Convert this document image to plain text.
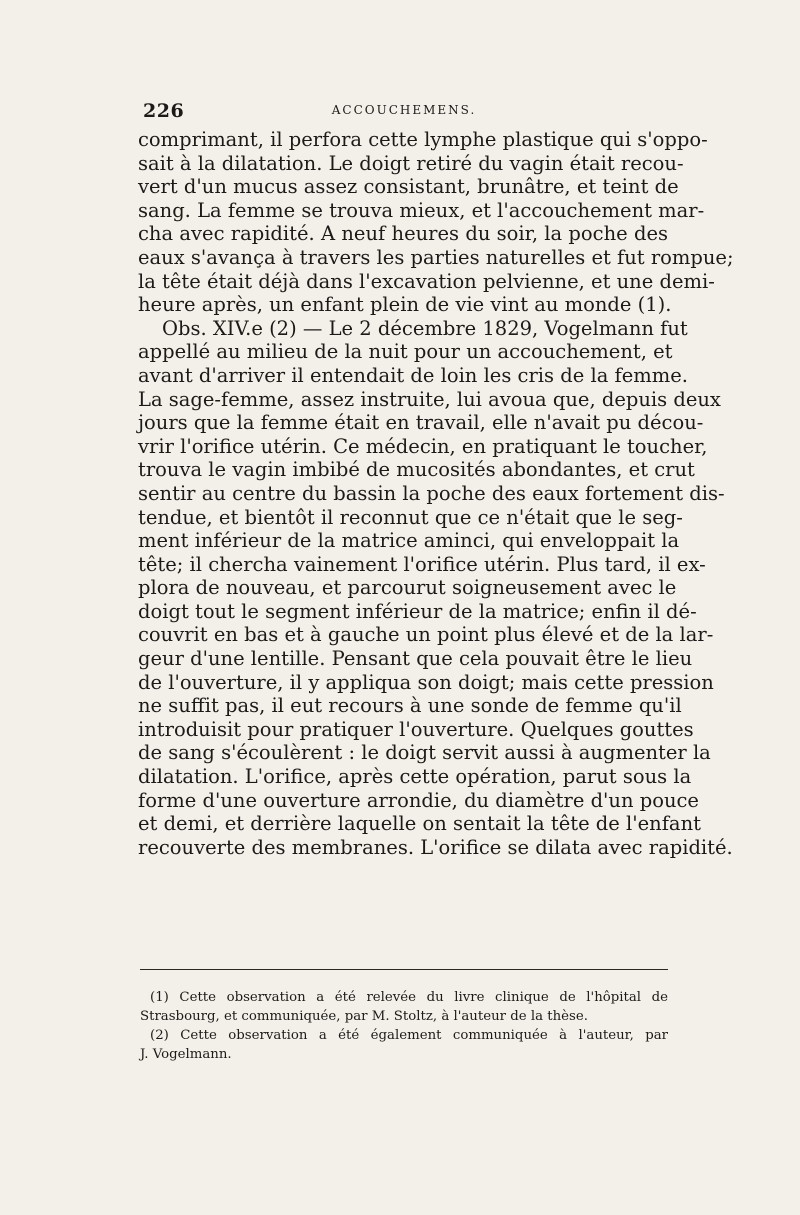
226	ACCOUCHEMENS.
comprimant, il perfora cette lymphe plastique qui s'oppo-
sait à la dilatation. Le doigt retiré du vagin était recou-
vert d'un mucus assez consistant, brunâtre, et teint de
sang. La femme se trouva mieux, et l'accouchement mar-
cha avec rapidité. A neuf heures du soir, la poche des
eaux s'avança à travers les parties naturelles et fut rompue;
la tête était déjà dans l'excavation pelvienne, et une demi-
heure après, un enfant plein de vie vint au monde (1).
Obs. XIV.e (2) — Le 2 décembre 1829, Vogelmann fut
appellé au milieu de la nuit pour un accouchement, et
avant d'arriver il entendait de loin les cris de la femme.
La sage-femme, assez instruite, lui avoua que, depuis deux
jours que la femme était en travail, elle n'avait pu décou-
vrir l'orifice utérin. Ce médecin, en pratiquant le toucher,
trouva le vagin imbibé de mucosités abondantes, et crut
sentir au centre du bassin la poche des eaux fortement dis-
tendue, et bientôt il reconnut que ce n'était que le seg-
ment inférieur de la matrice aminci, qui enveloppait la
tête; il chercha vainement l'orifice utérin. Plus tard, il ex-
plora de nouveau, et parcourut soigneusement avec le
doigt tout le segment inférieur de la matrice; enfin il dé-
couvrit en bas et à gauche un point plus élevé et de la lar-
geur d'une lentille. Pensant que cela pouvait être le lieu
de l'ouverture, il y appliqua son doigt; mais cette pression
ne suffit pas, il eut recours à une sonde de femme qu'il
introduisit pour pratiquer l'ouverture. Quelques gouttes
de sang s'écoulèrent : le doigt servit aussi à augmenter la
dilatation. L'orifice, après cette opération, parut sous la
forme d'une ouverture arrondie, du diamètre d'un pouce
et demi, et derrière laquelle on sentait la tête de l'enfant
recouverte des membranes. L'orifice se dilata avec rapidité.
(1) Cette observation a été relevée du livre clinique de l'hôpital de
Strasbourg, et communiquée, par M. Stoltz, à l'auteur de la thèse.
(2) Cette observation a été également communiquée à l'auteur, par
J. Vogelmann.
